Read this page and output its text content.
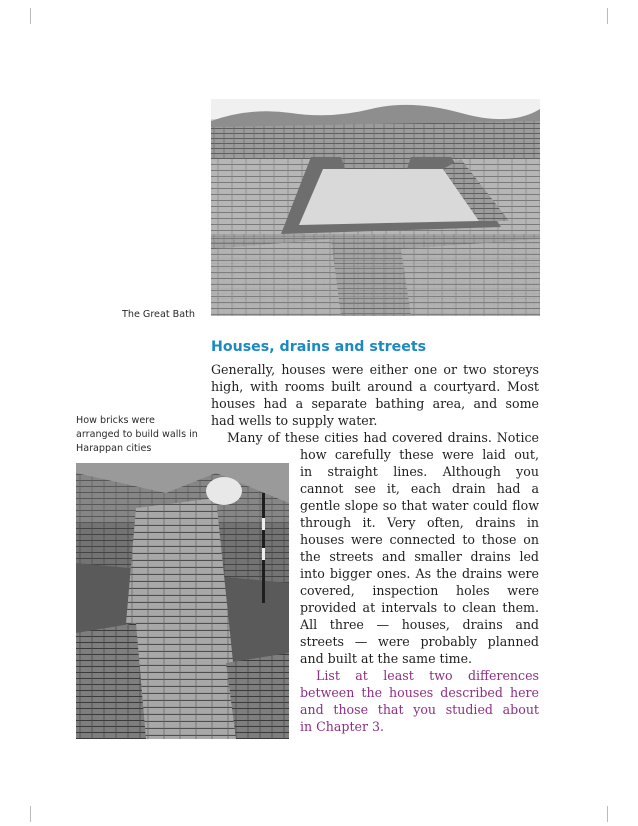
The Great Bath
Houses, drains and streets
Generally, houses were either one or two storeys
high, with rooms built around a courtyard. Most
houses had a separate bathing area, and some
had wells to supply water.
How bricks were
arranged to build walls in
Harappan cities
Many of these cities had covered drains. Notice
how carefully these were laid out,
in straight lines. Although you
cannot see it, each drain had a
gentle slope so that water could flow
through it. Very often, drains in
houses were connected to those on
the streets and smaller drains led
into bigger ones. As the drains were
covered, inspection holes were
provided at intervals to clean them.
All three — houses, drains and
streets — were probably planned
and built at the same time.
List at least two differences
between the houses described here
and those that you studied about
in Chapter 3.
